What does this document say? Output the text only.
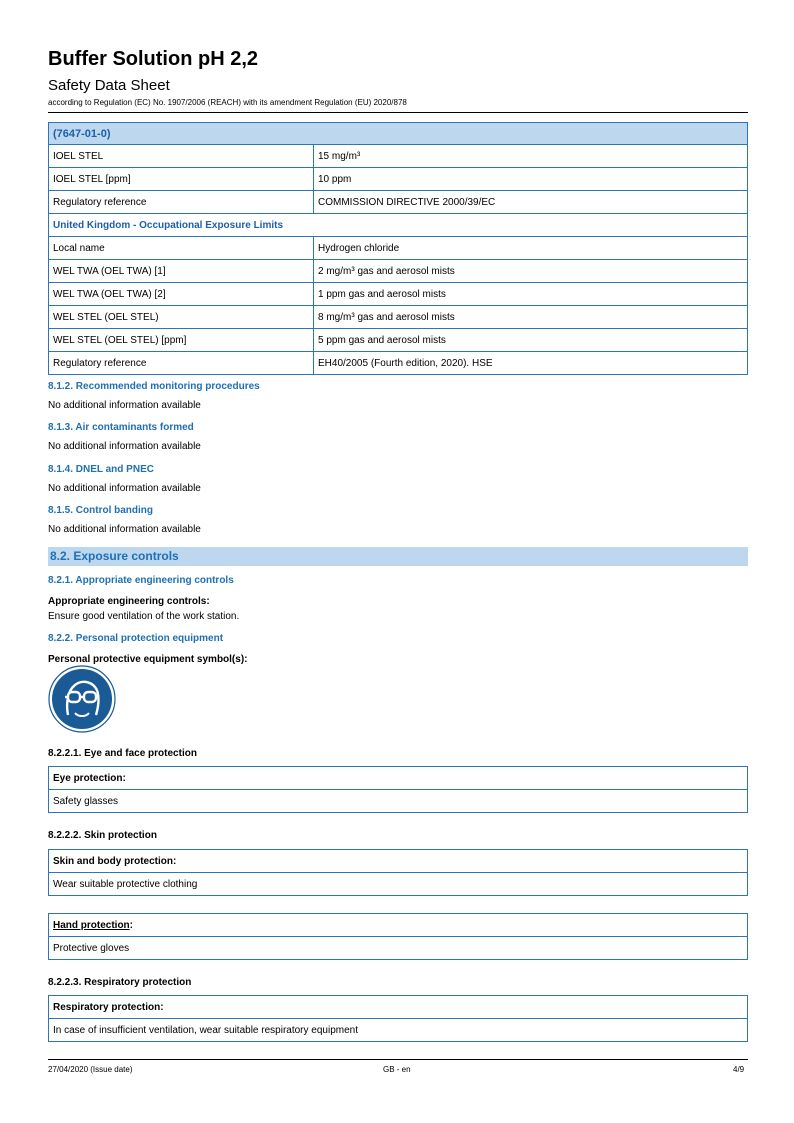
Buffer Solution pH 2,2
Safety Data Sheet
according to Regulation (EC) No. 1907/2006 (REACH) with its amendment Regulation (EU) 2020/878
(7647-01-0)	
IOEL STEL	15 mg/m³
IOEL STEL [ppm]	10 ppm
Regulatory reference	COMMISSION DIRECTIVE 2000/39/EC
United Kingdom - Occupational Exposure Limits	
Local name	Hydrogen chloride
WEL TWA (OEL TWA) [1]	2 mg/m³ gas and aerosol mists
WEL TWA (OEL TWA) [2]	1 ppm gas and aerosol mists
WEL STEL (OEL STEL)	8 mg/m³ gas and aerosol mists
WEL STEL (OEL STEL) [ppm]	5 ppm gas and aerosol mists
Regulatory reference	EH40/2005 (Fourth edition, 2020). HSE
8.1.2. Recommended monitoring procedures
No additional information available
8.1.3. Air contaminants formed
No additional information available
8.1.4. DNEL and PNEC
No additional information available
8.1.5. Control banding
No additional information available
8.2. Exposure controls
8.2.1. Appropriate engineering controls
Appropriate engineering controls:
Ensure good ventilation of the work station.
8.2.2. Personal protection equipment
Personal protective equipment symbol(s):
8.2.2.1. Eye and face protection
Eye protection:
Safety glasses
8.2.2.2. Skin protection
Skin and body protection:
Wear suitable protective clothing
Hand protection:
Protective gloves
8.2.2.3. Respiratory protection
Respiratory protection:
In case of insufficient ventilation, wear suitable respiratory equipment
27/04/2020 (Issue date)	GB - en	4/9
